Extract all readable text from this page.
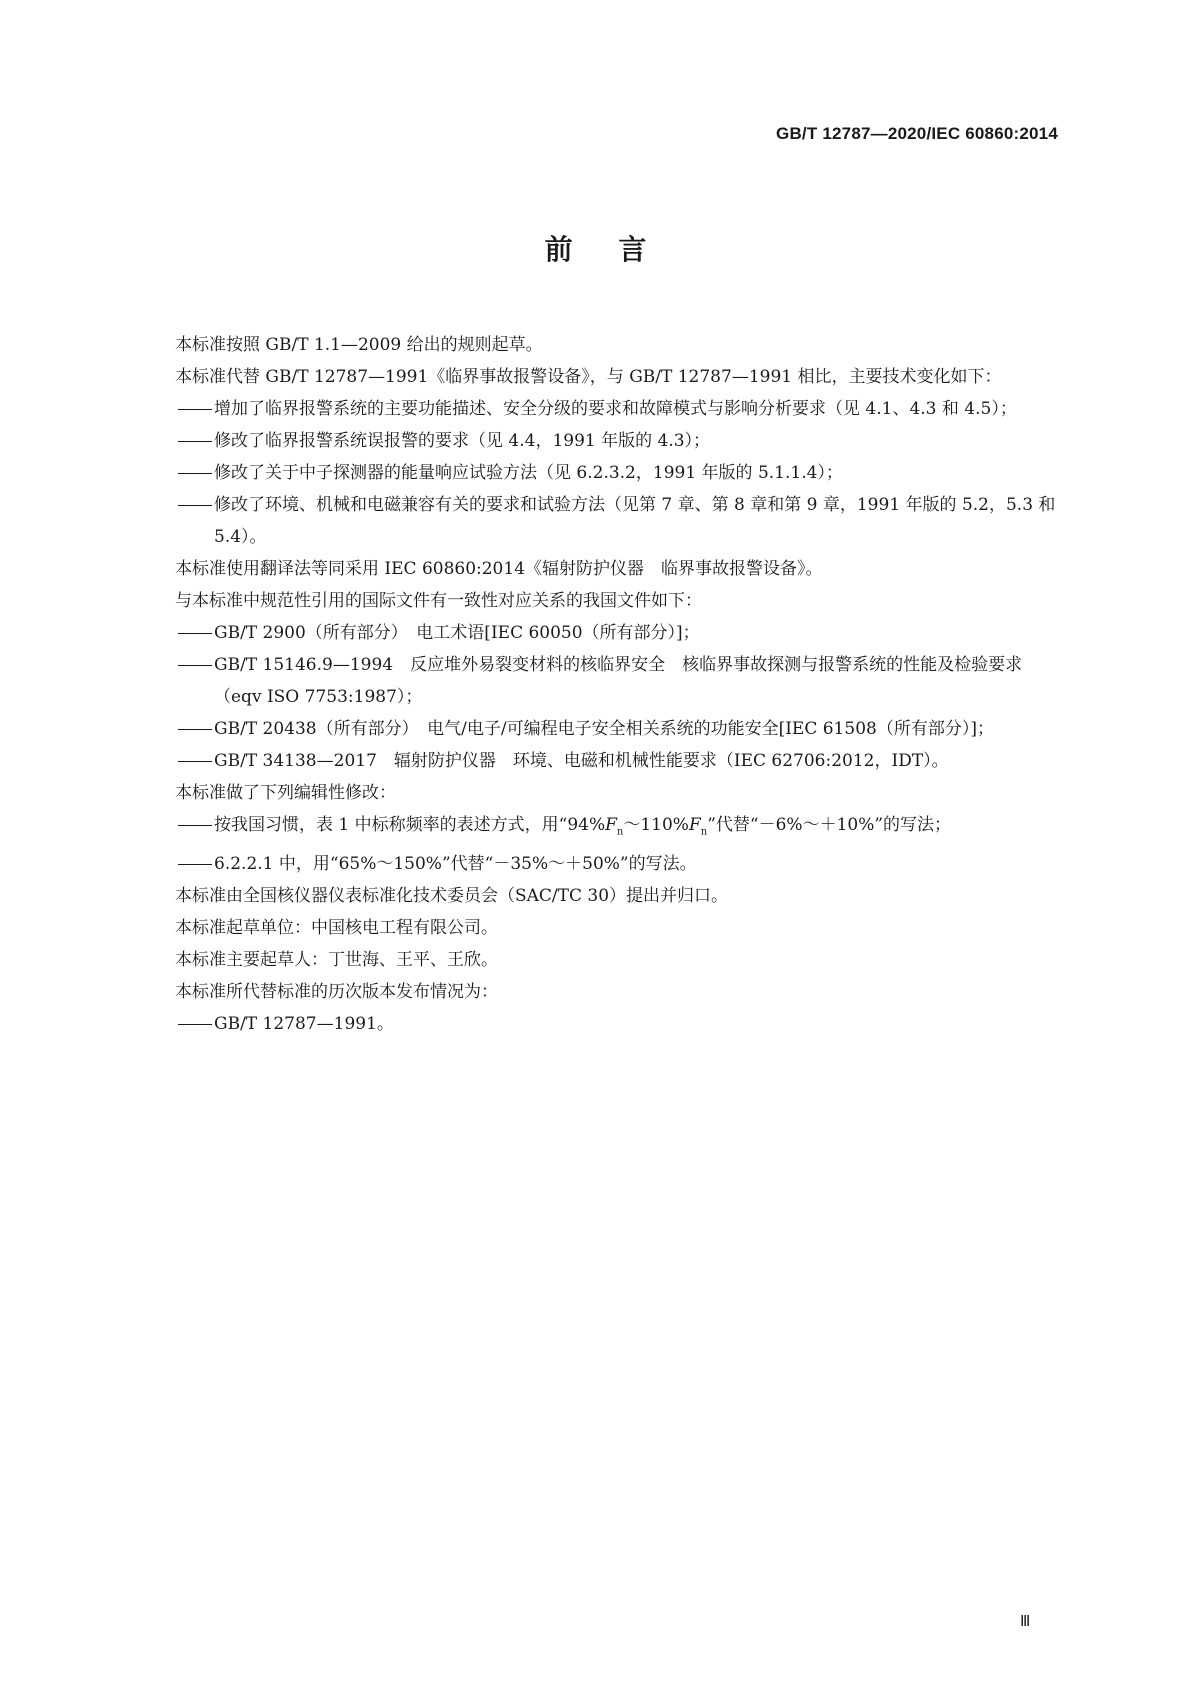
GB/T 12787—2020/IEC 60860:2014
前 言

本标准按照 GB/T 1.1—2009 给出的规则起草。

本标准代替 GB/T 12787—1991《临界事故报警设备》，与 GB/T 12787—1991 相比，主要技术变化如下：

增加了临界报警系统的主要功能描述、安全分级的要求和故障模式与影响分析要求（见 4.1、4.3 和 4.5）；

修改了临界报警系统误报警的要求（见 4.4，1991 年版的 4.3）；

修改了关于中子探测器的能量响应试验方法（见 6.2.3.2，1991 年版的 5.1.1.4）；

修改了环境、机械和电磁兼容有关的要求和试验方法（见第 7 章、第 8 章和第 9 章，1991 年版的 5.2，5.3 和 5.4）。

本标准使用翻译法等同采用 IEC 60860:2014《辐射防护仪器　临界事故报警设备》。

与本标准中规范性引用的国际文件有一致性对应关系的我国文件如下：

GB/T 2900（所有部分）　电工术语[IEC 60050（所有部分）]；

GB/T 15146.9—1994　反应堆外易裂变材料的核临界安全　核临界事故探测与报警系统的性能及检验要求（eqv ISO 7753:1987）；

GB/T 20438（所有部分）　电气/电子/可编程电子安全相关系统的功能安全[IEC 61508（所有部分）]；

GB/T 34138—2017　辐射防护仪器　环境、电磁和机械性能要求（IEC 62706:2012，IDT）。

本标准做了下列编辑性修改：

按我国习惯，表 1 中标称频率的表述方式，用“$94\%F_n\sim 110\%F_n$”代替“－6%～＋10%”的写法；

6.2.2.1 中，用“65%～150%”代替“－35%～＋50%”的写法。

本标准由全国核仪器仪表标准化技术委员会（SAC/TC 30）提出并归口。

本标准起草单位：中国核电工程有限公司。

本标准主要起草人：丁世海、王平、王欣。

本标准所代替标准的历次版本发布情况为：

GB/T 12787—1991。

Ⅲ
